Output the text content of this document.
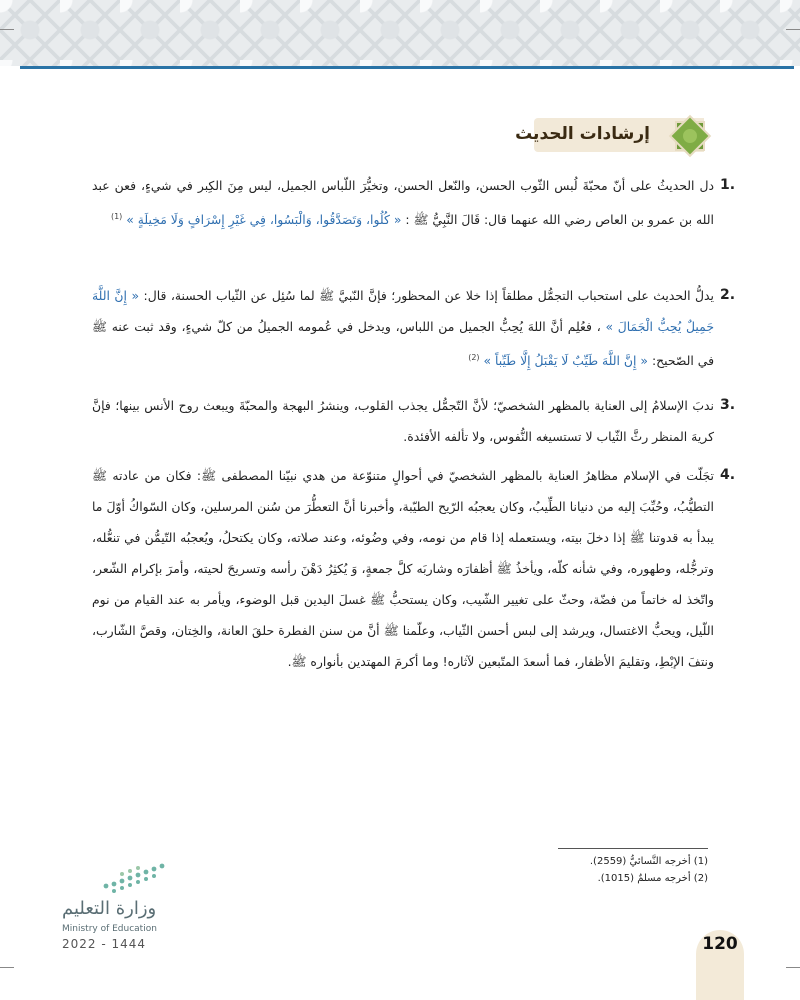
إرشادات الحديث
1.
دل الحديثُ على أنّ محبّةَ لُبس الثّوب الحسن، والنّعل الحسن، وتخيُّرَ اللّباس الجميل، ليس مِنَ الكِبر في شيءٍ، فعن عبد الله بن عمرو بن العاص رضي الله عنهما قال: قَالَ النَّبِيُّ ﷺ : « كُلُوا، وَتَصَدَّقُوا، وَالْبَسُوا، فِي غَيْرِ إِسْرَافٍ وَلَا مَخِيلَةٍ » $^{(1)}$
2.
يدلُّ الحديث على استحباب التجمُّل مطلقاً إذا خلا عن المحظور؛ فإنَّ النّبيَّ ﷺ لما سُئِل عن الثّياب الحسنة، قال: « إِنَّ اللَّهَ جَمِيلٌ يُحِبُّ الْجَمَالَ » ، فعُلِم أنَّ اللهَ يُحِبُّ الجميل من اللباس، ويدخل في عُمومه الجميلُ من كلّ شيءٍ، وقد ثبت عنه ﷺ في الصّحيح: « إِنَّ اللَّهَ طَيِّبٌ لَا يَقْبَلُ إِلَّا طَيِّباً » $^{(2)}$
3.
ندبَ الإسلامُ إلى العناية بالمظهر الشخصيّ؛ لأنَّ التّجمُّل يجذب القلوب، وينشرُ البهجة والمحبّةَ ويبعث روح الأنس بينها؛ فإنَّ كريهَ المنظر رثَّ الثّياب لا تستسيغه النُّفوس، ولا تألفه الأفئدة.
4.
تجَلّت في الإسلام مظاهرُ العناية بالمظهر الشخصيّ في أحوالٍ متنوّعة من هدي نبيّنا المصطفى ﷺ: فكان من عادته ﷺ التطيُّبُ، وحُبِّبَ إليه من دنيانا الطِّيبُ، وكان يعجبُه الرّيح الطيّبة، وأخبرنا أنَّ التعطُّرَ من سُنن المرسلين، وكان السّواكُ أوّلَ ما يبدأ به قدوتنا ﷺ إذا دخلَ بيته، ويستعمله إذا قام من نومه، وفي وضُوئه، وعند صلاته، وكان يكتحلُ، ويُعجبُه التّيمُّن في تنعُّله، وترجُّله، وطهوره، وفي شأنه كلّه، ويأخذُ ﷺ أظفارَه وشاربَه كلَّ جمعةٍ، وَ يُكثِرُ دَهْنَ رأسه وتسريحَ لحيته، وأمرَ بإكرام الشّعر، واتّخذ له خاتماً من فضّة، وحثّ على تغيير الشّيب، وكان يستحبُّ ﷺ غسلَ اليدين قبل الوضوء، ويأمر به عند القيام من نوم اللّيل، ويحبُّ الاغتسال، ويرشد إلى لبس أحسن الثّياب، وعلّمنا ﷺ أنَّ من سنن الفطرة حلقَ العانة، والخِتان، وقصَّ الشّارب، ونتفَ الإبْطِ، وتقليمَ الأظفار، فما أسعدَ المتّبعين لآثاره! وما أكرمَ المهتدين بأنواره ﷺ.
(1) أخرجه النَّسائيُّ (2559).
(2) أخرجه مسلمٌ (1015).
وزارة التعليم
Ministry of Education
2022 - 1444	120
